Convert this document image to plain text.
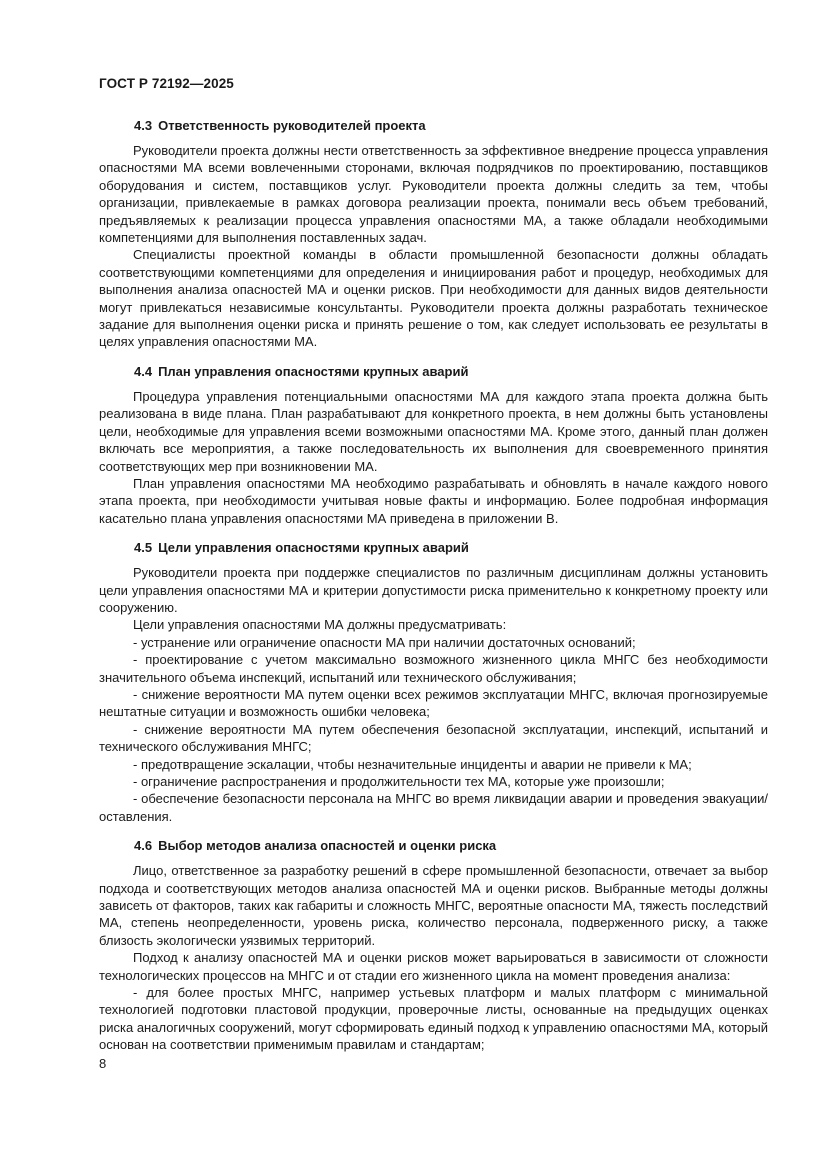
ГОСТ Р 72192—2025
4.3 Ответственность руководителей проекта

Руководители проекта должны нести ответственность за эффективное внедрение процесса управления опасностями МА всеми вовлеченными сторонами, включая подрядчиков по проектированию, поставщиков оборудования и систем, поставщиков услуг. Руководители проекта должны следить за тем, чтобы организации, привлекаемые в рамках договора реализации проекта, понимали весь объем требований, предъявляемых к реализации процесса управления опасностями МА, а также обладали необходимыми компетенциями для выполнения поставленных задач.

Специалисты проектной команды в области промышленной безопасности должны обладать соответствующими компетенциями для определения и инициирования работ и процедур, необходимых для выполнения анализа опасностей МА и оценки рисков. При необходимости для данных видов деятельности могут привлекаться независимые консультанты. Руководители проекта должны разработать техническое задание для выполнения оценки риска и принять решение о том, как следует использовать ее результаты в целях управления опасностями МА.

4.4 План управления опасностями крупных аварий

Процедура управления потенциальными опасностями МА для каждого этапа проекта должна быть реализована в виде плана. План разрабатывают для конкретного проекта, в нем должны быть установлены цели, необходимые для управления всеми возможными опасностями МА. Кроме этого, данный план должен включать все мероприятия, а также последовательность их выполнения для своевременного принятия соответствующих мер при возникновении МА.

План управления опасностями МА необходимо разрабатывать и обновлять в начале каждого нового этапа проекта, при необходимости учитывая новые факты и информацию. Более подробная информация касательно плана управления опасностями МА приведена в приложении В.

4.5 Цели управления опасностями крупных аварий

Руководители проекта при поддержке специалистов по различным дисциплинам должны установить цели управления опасностями МА и критерии допустимости риска применительно к конкретному проекту или сооружению.

Цели управления опасностями МА должны предусматривать:

- устранение или ограничение опасности МА при наличии достаточных оснований;

- проектирование с учетом максимально возможного жизненного цикла МНГС без необходимости значительного объема инспекций, испытаний или технического обслуживания;

- снижение вероятности МА путем оценки всех режимов эксплуатации МНГС, включая прогнозируемые нештатные ситуации и возможность ошибки человека;

- снижение вероятности МА путем обеспечения безопасной эксплуатации, инспекций, испытаний и технического обслуживания МНГС;

- предотвращение эскалации, чтобы незначительные инциденты и аварии не привели к МА;

- ограничение распространения и продолжительности тех МА, которые уже произошли;

- обеспечение безопасности персонала на МНГС во время ликвидации аварии и проведения эвакуации/оставления.

4.6 Выбор методов анализа опасностей и оценки риска

Лицо, ответственное за разработку решений в сфере промышленной безопасности, отвечает за выбор подхода и соответствующих методов анализа опасностей МА и оценки рисков. Выбранные методы должны зависеть от факторов, таких как габариты и сложность МНГС, вероятные опасности МА, тяжесть последствий МА, степень неопределенности, уровень риска, количество персонала, подверженного риску, а также близость экологически уязвимых территорий.

Подход к анализу опасностей МА и оценки рисков может варьироваться в зависимости от сложности технологических процессов на МНГС и от стадии его жизненного цикла на момент проведения анализа:

- для более простых МНГС, например устьевых платформ и малых платформ с минимальной технологией подготовки пластовой продукции, проверочные листы, основанные на предыдущих оценках риска аналогичных сооружений, могут сформировать единый подход к управлению опасностями МА, который основан на соответствии применимым правилам и стандартам;

8
